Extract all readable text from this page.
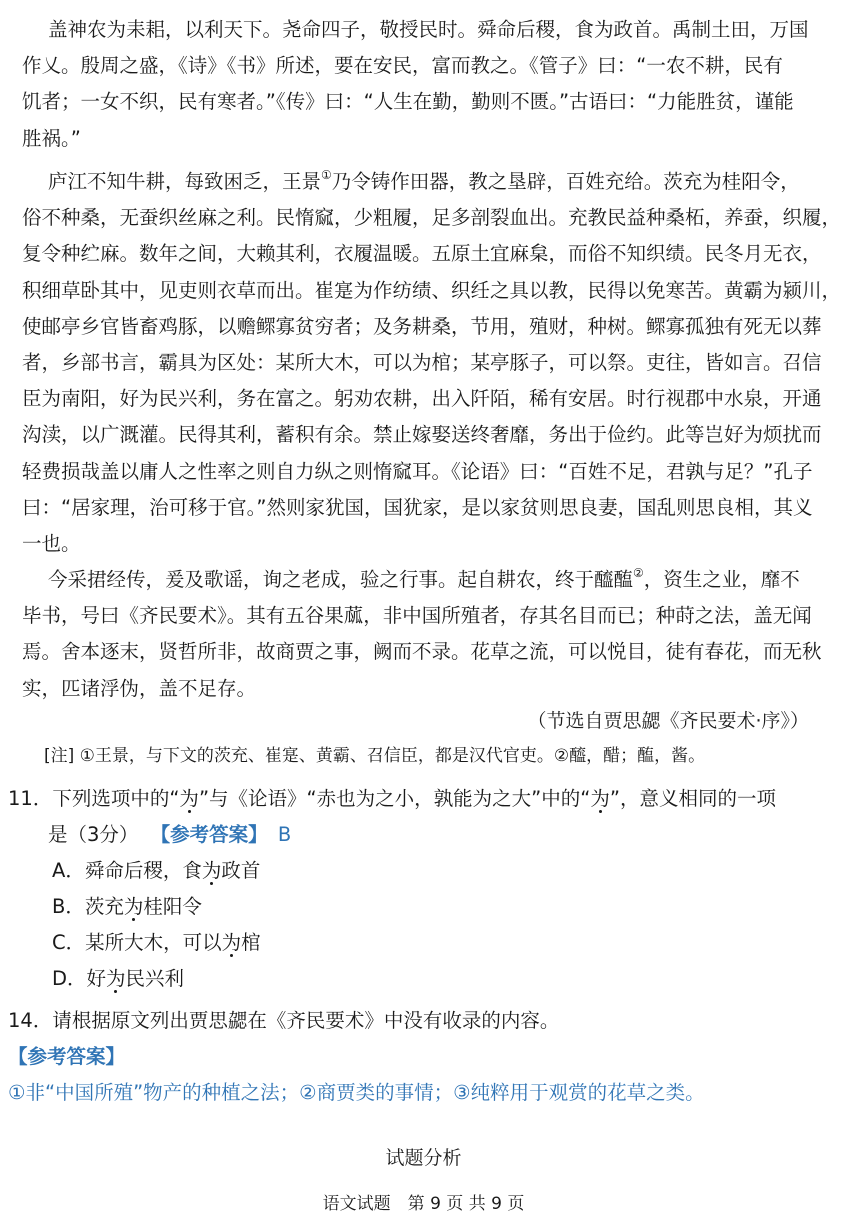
盖神农为耒耜，以利天下。尧命四子，敬授民时。舜命后稷，食为政首。禹制土田，万国
作乂。殷周之盛，《诗》《书》所述，要在安民，富而教之。《管子》曰：“一农不耕，民有
饥者；一女不织，民有寒者。”《传》曰：“人生在勤，勤则不匮。”古语曰：“力能胜贫，谨能
胜祸。”
庐江不知牛耕，每致困乏，王景①乃令铸作田器，教之垦辟，百姓充给。茨充为桂阳令，
俗不种桑，无蚕织丝麻之利。民惰窳，少粗履，足多剖裂血出。充教民益种桑柘，养蚕，织履，
复令种纻麻。数年之间，大赖其利，衣履温暖。五原土宜麻枲，而俗不知织绩。民冬月无衣，
积细草卧其中，见吏则衣草而出。崔寔为作纺绩、织纴之具以教，民得以免寒苦。黄霸为颍川，
使邮亭乡官皆畜鸡豚，以赡鳏寡贫穷者；及务耕桑，节用，殖财，种树。鳏寡孤独有死无以葬
者，乡部书言，霸具为区处：某所大木，可以为棺；某亭豚子，可以祭。吏往，皆如言。召信
臣为南阳，好为民兴利，务在富之。躬劝农耕，出入阡陌，稀有安居。时行视郡中水泉，开通
沟渎，以广溉灌。民得其利，蓄积有余。禁止嫁娶送终奢靡，务出于俭约。此等岂好为烦扰而
轻费损哉盖以庸人之性率之则自力纵之则惰窳耳。《论语》曰：“百姓不足，君孰与足？”孔子
曰：“居家理，治可移于官。”然则家犹国，国犹家，是以家贫则思良妻，国乱则思良相，其义
一也。
今采捃经传，爰及歌谣，询之老成，验之行事。起自耕农，终于醯醢②，资生之业，靡不
毕书，号曰《齐民要术》。其有五谷果蓏，非中国所殖者，存其名目而已；种莳之法，盖无闻
焉。舍本逐末，贤哲所非，故商贾之事，阙而不录。花草之流，可以悦目，徒有春花，而无秋
实，匹诸浮伪，盖不足存。
（节选自贾思勰《齐民要术·序》）
[注] ①王景，与下文的茨充、崔寔、黄霸、召信臣，都是汉代官吏。②醯，醋；醢，酱。
11．下列选项中的“为”与《论语》“赤也为之小，孰能为之大”中的“为”，意义相同的一项
是（3分） 【参考答案】 B
A．舜命后稷，食为政首
B．茨充为桂阳令
C．某所大木，可以为棺
D．好为民兴利
14．请根据原文列出贾思勰在《齐民要术》中没有收录的内容。
【参考答案】
①非“中国所殖”物产的种植之法；②商贾类的事情；③纯粹用于观赏的花草之类。
试题分析
语文试题　第 9 页 共 9 页
